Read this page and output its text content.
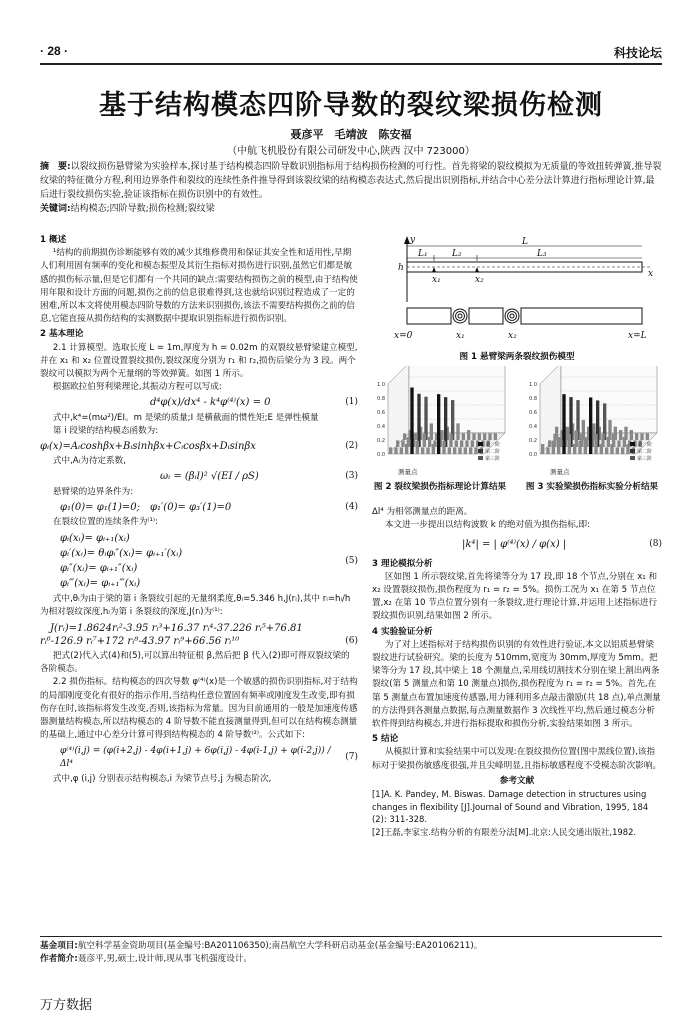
· 28 ·	科技论坛
基于结构模态四阶导数的裂纹梁损伤检测
聂彦平　毛靖波　陈安福
（中航飞机股份有限公司研发中心,陕西 汉中 723000）
摘　要:以裂纹损伤悬臂梁为实验样本,探讨基于结构模态四阶导数识别指标用于结构损伤检测的可行性。首先将梁的裂纹模拟为无质量的等效扭转弹簧,推导裂纹梁的特征微分方程,利用边界条件和裂纹的连续性条件推导得到该裂纹梁的结构模态表达式,然后提出识别指标,并结合中心差分法计算进行指标理论计算,最后进行裂纹损伤实验,验证该指标在损伤识别中的有效性。
关键词:结构模态;四阶导数;损伤检测;裂纹梁

1 概述

¹结构的前期损伤诊断能够有效的减少其维修费用和保证其安全性和适用性,早期人们利用固有频率的变化和模态振型及其衍生指标对损伤进行识别,虽然它们都是敏感的损伤标示量,但是它们都有一个共同的缺点:需要结构损伤之前的模型,由于结构使用年限和设计方面的问题,损伤之前的信息很难得到,这也就给识别过程造成了一定的困难,所以本文将使用模态四阶导数的方法来识别损伤,该法不需要结构损伤之前的信息,它能直接从损伤结构的实测数据中提取识别指标进行损伤识别。

2 基本理论

2.1 计算模型。选取长度 L = 1m,厚度为 h = 0.02m 的双裂纹悬臂梁建立模型,并在 x₁ 和 x₂ 位置设置裂纹损伤,裂纹深度分别为 r₁ 和 r₂,损伤后梁分为 3 段。两个裂纹可以模拟为两个无量纲的等效弹簧。如图 1 所示。

根据欧拉伯努利梁理论,其振动方程可以写成:

d⁴φ(x)/dx⁴ - k⁴φ⁽⁴⁾(x) = 0	(1)

式中,k⁴=(mω²)/EI。m 是梁的质量;I 是横截面的惯性矩;E 是弹性模量

第 i 段梁的结构模态函数为:

φᵢ(x)=Aᵢcoshβx+Bᵢsinhβx+Cᵢcosβx+Dᵢsinβx	(2)

式中,Aᵢ为待定系数,

ωᵢ = (βᵢl)² √(EI / ρS)	(3)

悬臂梁的边界条件为:

φ₁(0)= φ₁(1)=0;　φ₁′(0)= φ₃′(1)=0	(4)

在裂纹位置的连续条件为⁽¹⁾:

φᵢ(xᵢ)= φᵢ₊₁(xᵢ)
φᵢ′(xᵢ)= θᵢφᵢ″(xᵢ)= φᵢ₊₁′(xᵢ)
φᵢ″(xᵢ)= φᵢ₊₁″(xᵢ)
φᵢ‴(xᵢ)= φᵢ₊₁‴(xᵢ)
(5)

式中,θᵢ为由于梁的第 i 条裂纹引起的无量纲柔度,θᵢ=5.346 h,J(rᵢ),其中 rᵢ=hᵢ/h 为相对裂纹深度,hᵢ为第 i 条裂纹的深度,J(rᵢ)为⁽¹⁾:

J(rᵢ)=1.8624rᵢ²-3.95 rᵢ³+16.37 rᵢ⁴-37.226 rᵢ⁵+76.81
rᵢ⁶-126.9 rᵢ⁷+172 rᵢ⁸-43.97 rᵢ⁹+66.56 rᵢ¹⁰	(6)

把式(2)代入式(4)和(5),可以算出特征根 β,然后把 β 代入(2)即可得双裂纹梁的各阶模态。

2.2 损伤指标。结构模态的四次导数 φ⁽⁴⁾(x)是一个敏感的损伤识别指标,对于结构的局部刚度变化有很好的指示作用,当结构任意位置固有频率或刚度发生改变,即有损伤存在时,该指标将发生改变,否则,该指标为常量。因为目前通用的一般是加速度传感器测量结构模态,所以结构模态的 4 阶导数不能直接测量得到,但可以在结构模态测量的基础上,通过中心差分计算可得到结构模态的 4 阶导数⁽²⁾。公式如下:

φ⁽⁴⁾(i,j) = (φ(i+2,j) - 4φ(i+1,j) + 6φ(i,j) - 4φ(i-1,j) + φ(i-2,j)) / Δl⁴
(7)

式中,φ (i,j) 分别表示结构模态,i 为梁节点号,j 为模态阶次,

y	L
L₁	L₂	L₃
h
x₁	x₂
x
x=0	x₁	x₂	x=L
图 1 悬臂梁两条裂纹损伤模型
测量点
0.0
0.2
0.4
0.6
0.8
1.0
第一阶
第二阶
第三阶
测量点
0.0
0.2
0.4
0.6
0.8
1.0
第一阶
第二阶
第三阶
图 2 裂纹梁损伤指标理论计算结果	图 3 实验梁损伤指标实验分析结果

Δl⁴ 为相邻测量点的距离。

本文进一步提出以结构波数 k 的绝对值为损伤指标,即:

|k⁴| = | φ⁽⁴⁾(x) / φ(x) |	(8)

3 理论模拟分析

区如图 1 所示裂纹梁,首先将梁等分为 17 段,即 18 个节点,分别在 x₁ 和 x₂ 设置裂纹损伤,损伤程度为 r₁ = r₂ = 5%。损伤工况为 x₁ 在第 5 节点位置,x₂ 在第 10 节点位置分别有一条裂纹,进行理论计算,并运用上述指标进行裂纹损伤识别,结果如图 2 所示。

4 实验验证分析

为了对上述指标对于结构损伤识别的有效性进行验证,本文以铝质悬臂梁裂纹进行试验研究。梁的长度为 510mm,宽度为 30mm,厚度为 5mm。把梁等分为 17 段,其中梁上 18 个测量点,采用线切割技术分别在梁上割出两条裂纹(第 5 测量点和第 10 测量点)损伤,损伤程度为 r₁ = r₂ = 5%。首先,在第 5 测量点布置加速度传感器,用力锤利用多点敲击激励(共 18 点),单点测量的方法得到各测量点数据,每点测量数据作 3 次线性平均,然后通过模态分析软件得到结构模态,并进行指标提取和损伤分析,实验结果如图 3 所示。

5 结论

从模拟计算和实验结果中可以发现:在裂纹损伤位置(图中黑线位置),该指标对于梁损伤敏感度很强,并且尖峰明显,且指标敏感程度不受模态阶次影响。

参考文献

[1]A. K. Pandey, M. Biswas. Damage detection in structures using changes in flexibility [J].Journal of Sound and Vibration, 1995, 184 (2): 311-328.

[2]王磊,李家宝.结构分析的有限差分法[M].北京:人民交通出版社,1982.

基金项目:航空科学基金资助项目(基金编号:BA201106350);南昌航空大学科研启动基金(基金编号:EA20106211)。
作者简介:聂彦平,男,硕士,设计师,现从事飞机强度设计。
万方数据
